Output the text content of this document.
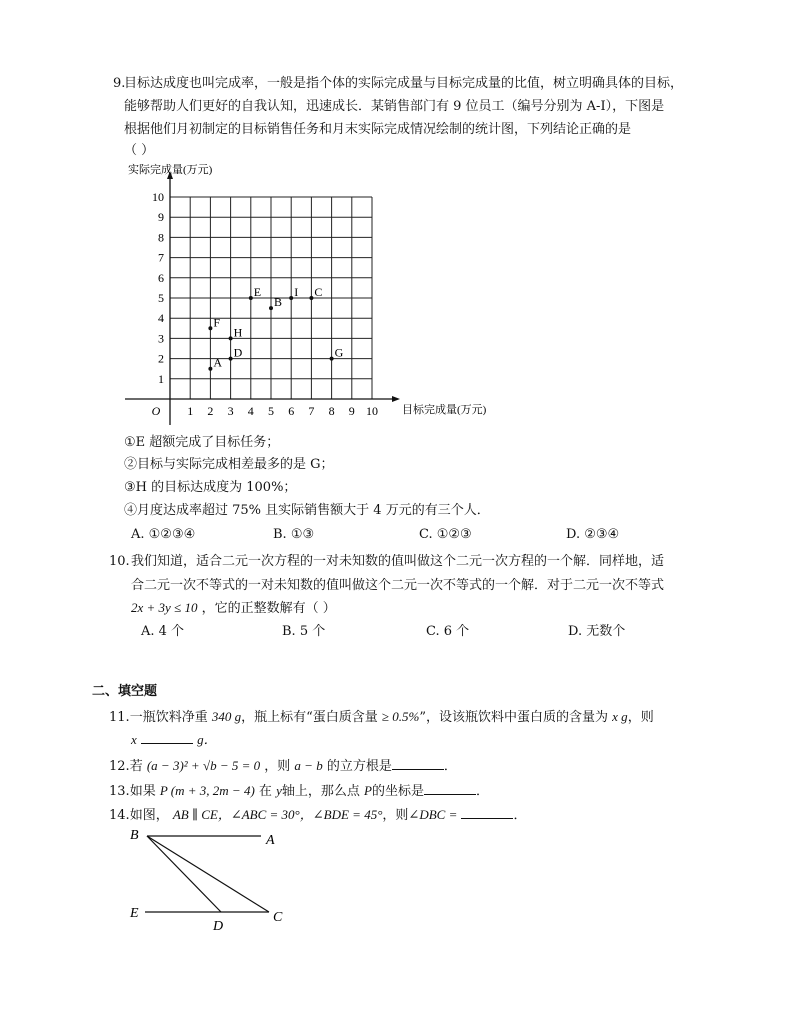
9.
目标达成度也叫完成率，一般是指个体的实际完成量与目标完成量的比值，树立明确具体的目标，
能够帮助人们更好的自我认知，迅速成长．某销售部门有 9 位员工（编号分别为 A-I），下图是
根据他们月初制定的目标销售任务和月末实际完成情况绘制的统计图，下列结论正确的是
（ ）
1 2 3 4 5 6 7 8 9 10
1
2
3
4
5
6
7
8
9
10
O	目标完成量(万元)
实际完成量(万元)
A
B
C
D
E
F
G
H
I
①E 超额完成了目标任务；
②目标与实际完成相差最多的是 G；
③H 的目标达成度为 100%；
④月度达成率超过 75% 且实际销售额大于 4 万元的有三个人．
A. ①②③④	B. ①③	C. ①②③	D. ②③④
10. 我们知道，适合二元一次方程的一对未知数的值叫做这个二元一次方程的一个解．同样地，适
合二元一次不等式的一对未知数的值叫做这个二元一次不等式的一个解．对于二元一次不等式
2x + 3y ≤ 10 ，它的正整数解有（ ）
A. 4 个	B. 5 个	C. 6 个	D. 无数个
二、填空题
11.一瓶饮料净重 340 g，瓶上标有“蛋白质含量 ≥ 0.5%”，设该瓶饮料中蛋白质的含量为 x g，则
x	g．
12.若 (a − 3)² + √b − 5 = 0 ，则 a − b 的立方根是	．
13.如果 P (m + 3, 2m − 4) 在 y轴上，那么点 P的坐标是	．
14.如图， AB ∥ CE，∠ABC = 30°，∠BDE = 45°，则∠DBC =	．
B	A
E
D
C
